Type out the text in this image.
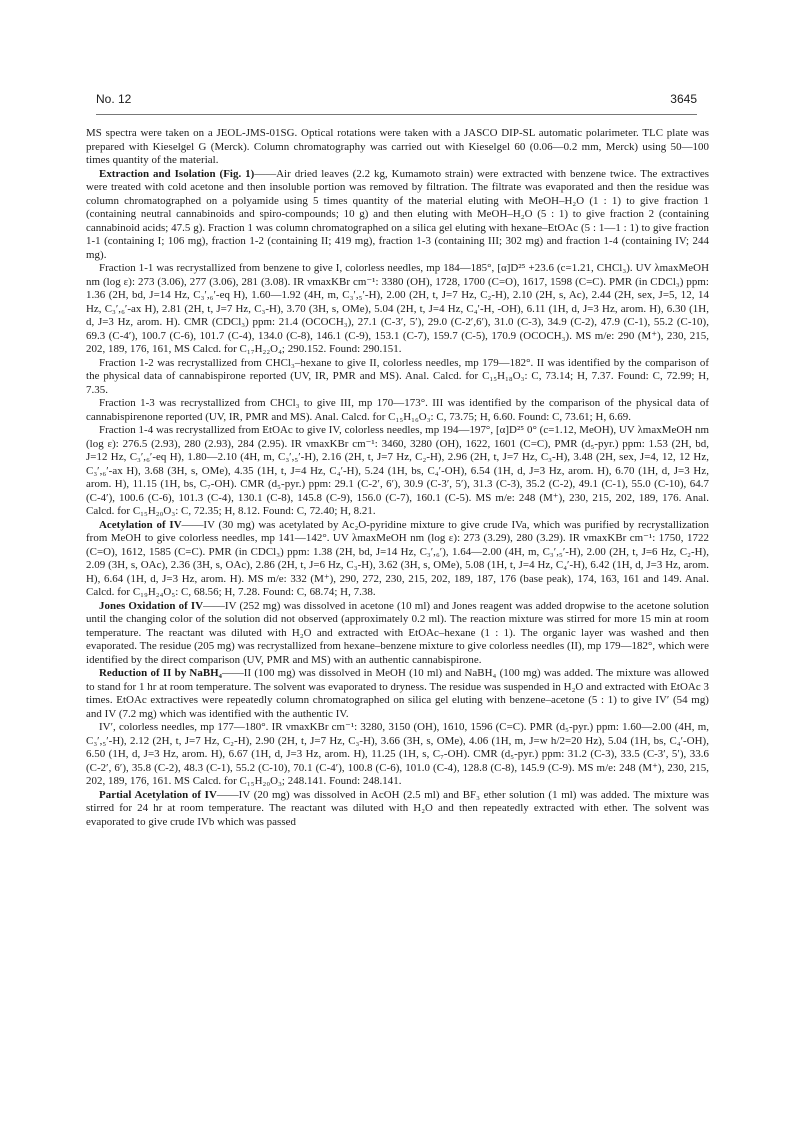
No. 12	3645

MS spectra were taken on a JEOL-JMS-01SG. Optical rotations were taken with a JASCO DIP-SL automatic polarimeter. TLC plate was prepared with Kieselgel G (Merck). Column chromatography was carried out with Kieselgel 60 (0.06—0.2 mm, Merck) using 50—100 times quantity of the material.

Extraction and Isolation (Fig. 1)——Air dried leaves (2.2 kg, Kumamoto strain) were extracted with benzene twice. The extractives were treated with cold acetone and then insoluble portion was removed by filtration. The filtrate was evaporated and then the residue was column chromatographed on a polyamide using 5 times quantity of the material eluting with MeOH–H₂O (1 : 1) to give fraction 1 (containing neutral cannabinoids and spiro-compounds; 10 g) and then eluting with MeOH–H₂O (5 : 1) to give fraction 2 (containing cannabinoid acids; 47.5 g). Fraction 1 was column chromatographed on a silica gel eluting with hexane–EtOAc (5 : 1—1 : 1) to give fraction 1-1 (containing I; 106 mg), fraction 1-2 (containing II; 419 mg), fraction 1-3 (containing III; 302 mg) and fraction 1-4 (containing IV; 244 mg).

Fraction 1-1 was recrystallized from benzene to give I, colorless needles, mp 184—185°, [α]D²⁵ +23.6 (c=1.21, CHCl₃). UV λmaxMeOH nm (log ε): 273 (3.06), 277 (3.06), 281 (3.08). IR νmaxKBr cm⁻¹: 3380 (OH), 1728, 1700 (C=O), 1617, 1598 (C=C). PMR (in CDCl₃) ppm: 1.36 (2H, bd, J=14 Hz, C₃′,₆′-eq H), 1.60—1.92 (4H, m, C₃′,₅′-H), 2.00 (2H, t, J=7 Hz, C₂-H), 2.10 (2H, s, Ac), 2.44 (2H, sex, J=5, 12, 14 Hz, C₃′,₆′-ax H), 2.81 (2H, t, J=7 Hz, C₃-H), 3.70 (3H, s, OMe), 5.04 (2H, t, J=4 Hz, C₄′-H, -OH), 6.11 (1H, d, J=3 Hz, arom. H), 6.30 (1H, d, J=3 Hz, arom. H). CMR (CDCl₃) ppm: 21.4 (OCOCH₃), 27.1 (C-3′, 5′), 29.0 (C-2′,6′), 31.0 (C-3), 34.9 (C-2), 47.9 (C-1), 55.2 (C-10), 69.3 (C-4′), 100.7 (C-6), 101.7 (C-4), 134.0 (C-8), 146.1 (C-9), 153.1 (C-7), 159.7 (C-5), 170.9 (OCOCH₃). MS m/e: 290 (M⁺), 230, 215, 202, 189, 176, 161, MS Calcd. for C₁₇H₂₂O₄; 290.152. Found: 290.151.

Fraction 1-2 was recrystallized from CHCl₃–hexane to give II, colorless needles, mp 179—182°. II was identified by the comparison of the physical data of cannabispirone reported (UV, IR, PMR and MS). Anal. Calcd. for C₁₅H₁₈O₃: C, 73.14; H, 7.37. Found: C, 72.99; H, 7.35.

Fraction 1-3 was recrystallized from CHCl₃ to give III, mp 170—173°. III was identified by the comparison of the physical data of cannabispirenone reported (UV, IR, PMR and MS). Anal. Calcd. for C₁₅H₁₆O₃: C, 73.75; H, 6.60. Found: C, 73.61; H, 6.69.

Fraction 1-4 was recrystallized from EtOAc to give IV, colorless needles, mp 194—197°, [α]D²⁵ 0° (c=1.12, MeOH), UV λmaxMeOH nm (log ε): 276.5 (2.93), 280 (2.93), 284 (2.95). IR νmaxKBr cm⁻¹: 3460, 3280 (OH), 1622, 1601 (C=C), PMR (d₅-pyr.) ppm: 1.53 (2H, bd, J=12 Hz, C₃′,₆′-eq H), 1.80—2.10 (4H, m, C₃′,₅′-H), 2.16 (2H, t, J=7 Hz, C₂-H), 2.96 (2H, t, J=7 Hz, C₃-H), 3.48 (2H, sex, J=4, 12, 12 Hz, C₃′,₆′-ax H), 3.68 (3H, s, OMe), 4.35 (1H, t, J=4 Hz, C₄′-H), 5.24 (1H, bs, C₄′-OH), 6.54 (1H, d, J=3 Hz, arom. H), 6.70 (1H, d, J=3 Hz, arom. H), 11.15 (1H, bs, C₇-OH). CMR (d₅-pyr.) ppm: 29.1 (C-2′, 6′), 30.9 (C-3′, 5′), 31.3 (C-3), 35.2 (C-2), 49.1 (C-1), 55.0 (C-10), 64.7 (C-4′), 100.6 (C-6), 101.3 (C-4), 130.1 (C-8), 145.8 (C-9), 156.0 (C-7), 160.1 (C-5). MS m/e: 248 (M⁺), 230, 215, 202, 189, 176. Anal. Calcd. for C₁₅H₂₀O₃: C, 72.35; H, 8.12. Found: C, 72.40; H, 8.21.

Acetylation of IV——IV (30 mg) was acetylated by Ac₂O-pyridine mixture to give crude IVa, which was purified by recrystallization from MeOH to give colorless needles, mp 141—142°. UV λmaxMeOH nm (log ε): 273 (3.29), 280 (3.29). IR νmaxKBr cm⁻¹: 1750, 1722 (C=O), 1612, 1585 (C=C). PMR (in CDCl₃) ppm: 1.38 (2H, bd, J=14 Hz, C₃′,₆′), 1.64—2.00 (4H, m, C₃′,₅′-H), 2.00 (2H, t, J=6 Hz, C₂-H), 2.09 (3H, s, OAc), 2.36 (3H, s, OAc), 2.86 (2H, t, J=6 Hz, C₃-H), 3.62 (3H, s, OMe), 5.08 (1H, t, J=4 Hz, C₄′-H), 6.42 (1H, d, J=3 Hz, arom. H), 6.64 (1H, d, J=3 Hz, arom. H). MS m/e: 332 (M⁺), 290, 272, 230, 215, 202, 189, 187, 176 (base peak), 174, 163, 161 and 149. Anal. Calcd. for C₁₉H₂₄O₅: C, 68.56; H, 7.28. Found: C, 68.74; H, 7.38.

Jones Oxidation of IV——IV (252 mg) was dissolved in acetone (10 ml) and Jones reagent was added dropwise to the acetone solution until the changing color of the solution did not observed (approximately 0.2 ml). The reaction mixture was stirred for more 15 min at room temperature. The reactant was diluted with H₂O and extracted with EtOAc–hexane (1 : 1). The organic layer was washed and then evaporated. The residue (205 mg) was recrystallized from hexane–benzene mixture to give colorless needles (II), mp 179—182°, which were identified by the direct comparison (UV, PMR and MS) with an authentic cannabispirone.

Reduction of II by NaBH₄——II (100 mg) was dissolved in MeOH (10 ml) and NaBH₄ (100 mg) was added. The mixture was allowed to stand for 1 hr at room temperature. The solvent was evaporated to dryness. The residue was suspended in H₂O and extracted with EtOAc 3 times. EtOAc extractives were repeatedly column chromatographed on silica gel eluting with benzene–acetone (5 : 1) to give IV′ (54 mg) and IV (7.2 mg) which was identified with the authentic IV.

IV′, colorless needles, mp 177—180°. IR νmaxKBr cm⁻¹: 3280, 3150 (OH), 1610, 1596 (C=C). PMR (d₅-pyr.) ppm: 1.60—2.00 (4H, m, C₃′,₅′-H), 2.12 (2H, t, J=7 Hz, C₂-H), 2.90 (2H, t, J=7 Hz, C₃-H), 3.66 (3H, s, OMe), 4.06 (1H, m, J=w h/2=20 Hz), 5.04 (1H, bs, C₄′-OH), 6.50 (1H, d, J=3 Hz, arom. H), 6.67 (1H, d, J=3 Hz, arom. H), 11.25 (1H, s, C₇-OH). CMR (d₅-pyr.) ppm: 31.2 (C-3), 33.5 (C-3′, 5′), 33.6 (C-2′, 6′), 35.8 (C-2), 48.3 (C-1), 55.2 (C-10), 70.1 (C-4′), 100.8 (C-6), 101.0 (C-4), 128.8 (C-8), 145.9 (C-9). MS m/e: 248 (M⁺), 230, 215, 202, 189, 176, 161. MS Calcd. for C₁₅H₂₀O₃; 248.141. Found: 248.141.

Partial Acetylation of IV——IV (20 mg) was dissolved in AcOH (2.5 ml) and BF₃ ether solution (1 ml) was added. The mixture was stirred for 24 hr at room temperature. The reactant was diluted with H₂O and then repeatedly extracted with ether. The solvent was evaporated to give crude IVb which was passed
